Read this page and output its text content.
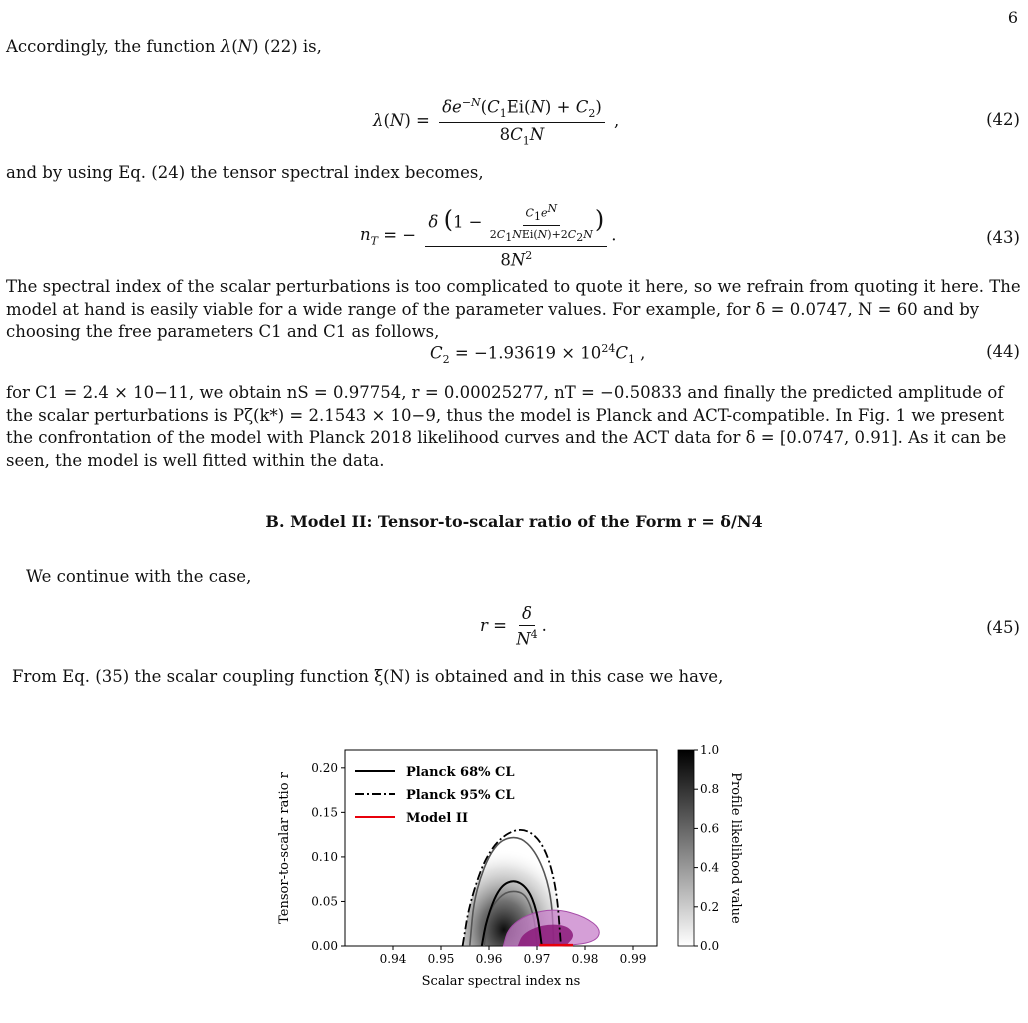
6
Accordingly, the function λ(N) (22) is,
$\lambda(N) = \frac{\delta e^{-N}(C_1Ei(N) + C_2)}{8C_1N}$ ,	(42)
and by using Eq. (24) the tensor spectral index becomes,
$n_T$ = − $\frac{\delta (1 - \frac{C_1e^N}{2C_1NEi(N)+2C_2N} )}{8N^2}$ .	(43)
The spectral index of the scalar perturbations is too complicated to quote it here, so we refrain from quoting it here. The model at hand is easily viable for a wide range of the parameter values. For example, for δ = 0.0747, N = 60 and by choosing the free parameters C1 and C1 as follows,
$C_2 = -1.93619 \times 10^{24}C_1$ ,	(44)
for C1 = 2.4 × 10−11, we obtain nS = 0.97754, r = 0.00025277, nT = −0.50833 and finally the predicted amplitude of the scalar perturbations is Pζ(k*) = 2.1543 × 10−9, thus the model is Planck and ACT-compatible. In Fig. 1 we present the confrontation of the model with Planck 2018 likelihood curves and the ACT data for δ = [0.0747, 0.91]. As it can be seen, the model is well fitted within the data.
B. Model II: Tensor-to-scalar ratio of the Form r = δ/N4
We continue with the case,
$r = \frac{\delta}{N^4}$ .	(45)
From Eq. (35) the scalar coupling function ξ(N) is obtained and in this case we have,
0.94 0.95 0.96 0.97 0.98 0.99
0.00
0.05
0.10
0.15
0.20
0.0
0.2
0.4
0.6
0.8
1.0
Profile likelihood value
Tensor-to-scalar ratio r
Scalar spectral index ns
Planck 68% CL
Planck 95% CL
Model II
